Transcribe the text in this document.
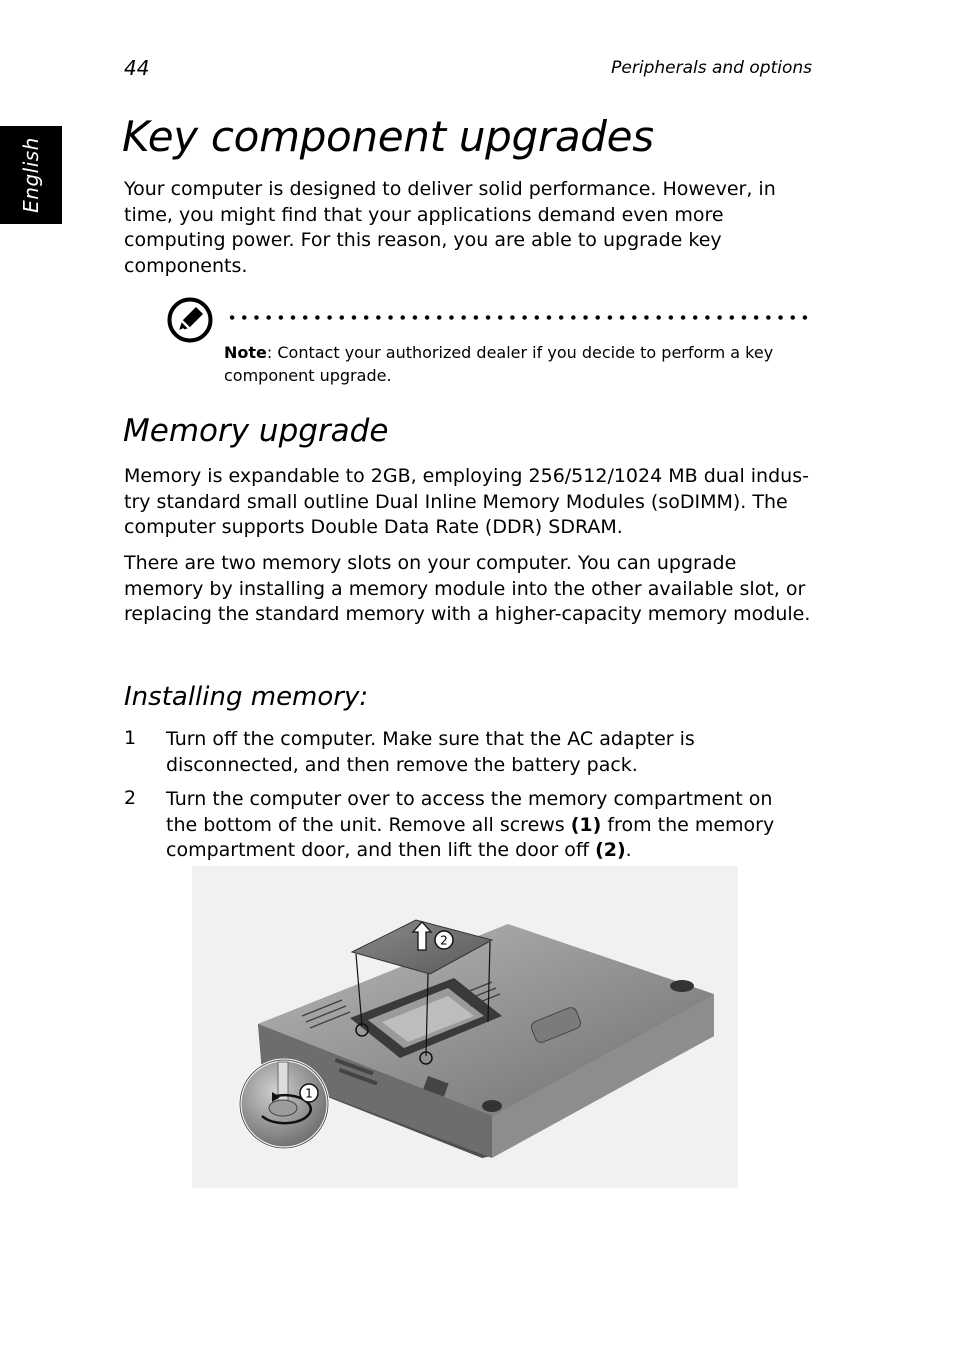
English
44	Peripherals and options
Key component upgrades

Your computer is designed to deliver solid performance. However, in time, you might find that your applications demand even more computing power. For this reason, you are able to upgrade key components.

Note: Contact your authorized dealer if you decide to perform a key component upgrade.

Memory upgrade

Memory is expandable to 2GB, employing 256/512/1024 MB dual indus-try standard small outline Dual Inline Memory Modules (soDIMM). The computer supports Double Data Rate (DDR) SDRAM.

There are two memory slots on your computer. You can upgrade memory by installing a memory module into the other available slot, or replacing the standard memory with a higher-capacity memory module.

Installing memory:
1 Turn off the computer. Make sure that the AC adapter is disconnected, and then remove the battery pack.

2 Turn the computer over to access the memory compartment on the bottom of the unit. Remove all screws (1) from the memory compartment door, and then lift the door off (2).

2
1
